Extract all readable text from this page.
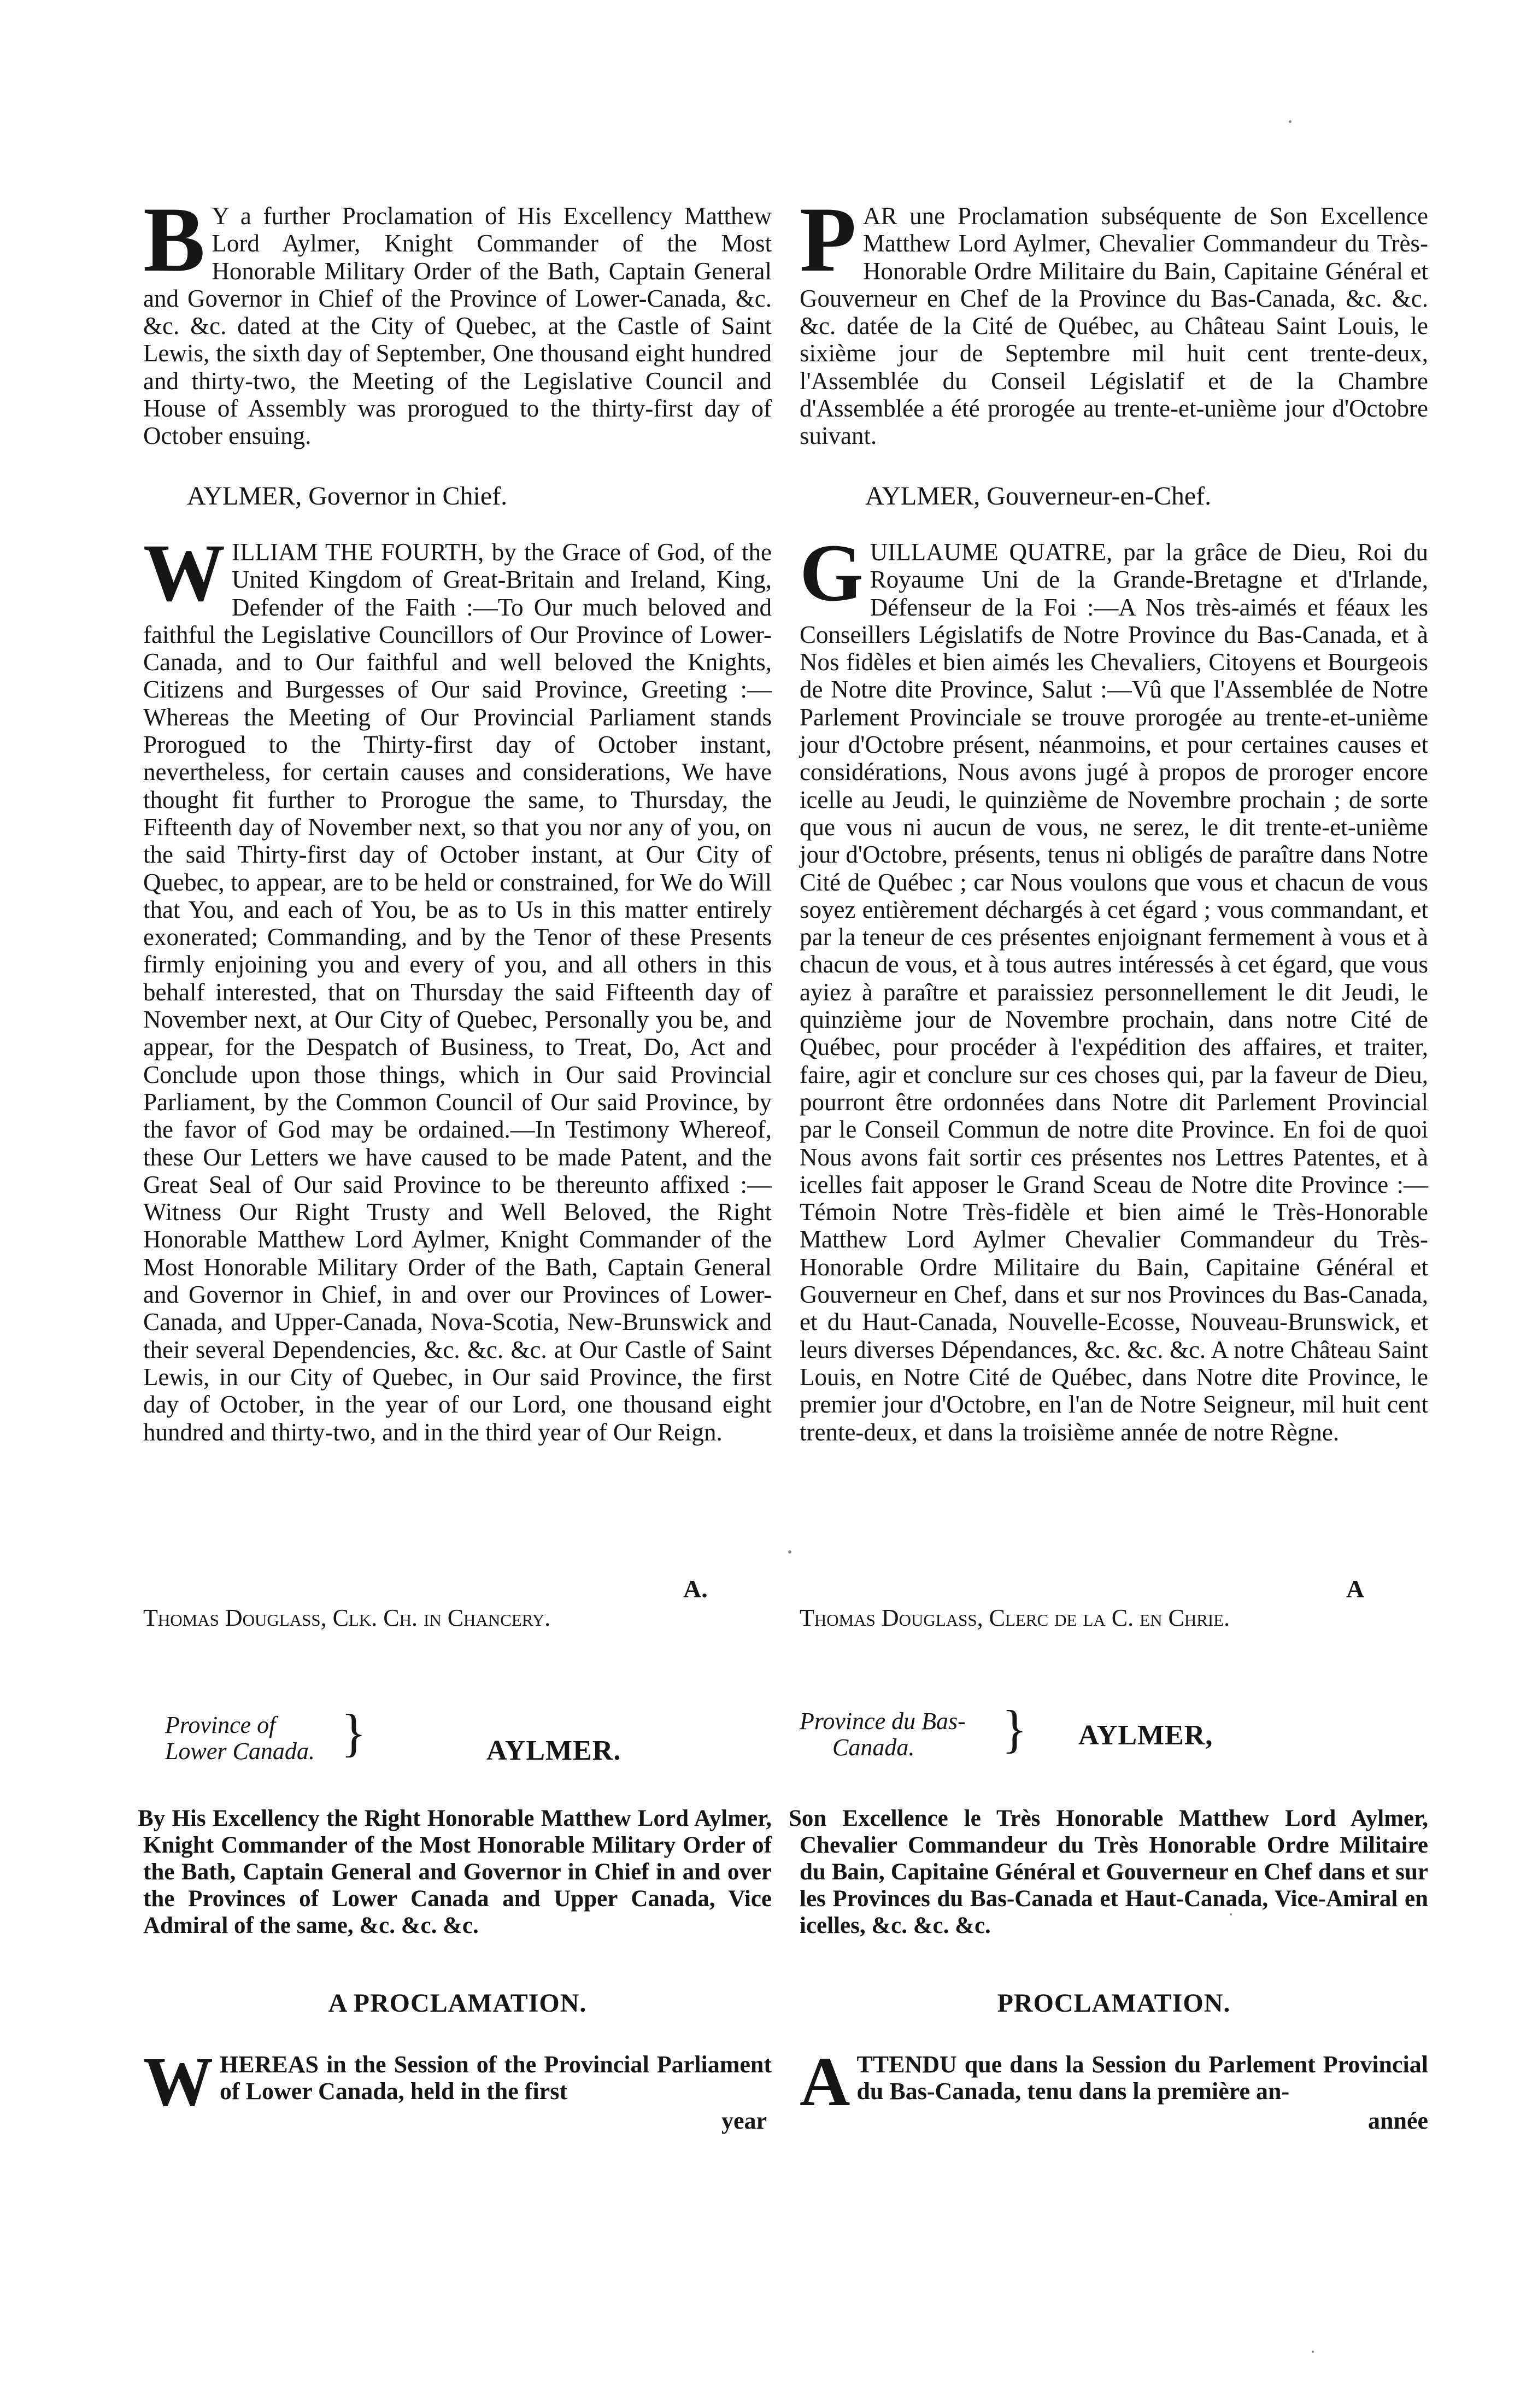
B Y a further Proclamation of His Excellency Matthew Lord Aylmer, Knight Commander of the Most Honorable Military Order of the Bath, Captain General and Governor in Chief of the Province of Lower-Canada, &c. &c. &c. dated at the City of Quebec, at the Castle of Saint Lewis, the sixth day of September, One thousand eight hundred and thirty-two, the Meeting of the Legislative Council and House of Assembly was prorogued to the thirty-first day of October ensuing.

AYLMER, Governor in Chief.
W ILLIAM THE FOURTH, by the Grace of God, of the United Kingdom of Great-Britain and Ireland, King, Defender of the Faith :—To Our much beloved and faithful the Legislative Councillors of Our Province of Lower-Canada, and to Our faithful and well beloved the Knights, Citizens and Burgesses of Our said Province, Greeting :—Whereas the Meeting of Our Provincial Parliament stands Prorogued to the Thirty-first day of October instant, nevertheless, for certain causes and considerations, We have thought fit further to Prorogue the same, to Thursday, the Fifteenth day of November next, so that you nor any of you, on the said Thirty-first day of October instant, at Our City of Quebec, to appear, are to be held or constrained, for We do Will that You, and each of You, be as to Us in this matter entirely exonerated; Commanding, and by the Tenor of these Presents firmly enjoining you and every of you, and all others in this behalf interested, that on Thursday the said Fifteenth day of November next, at Our City of Quebec, Personally you be, and appear, for the Despatch of Business, to Treat, Do, Act and Conclude upon those things, which in Our said Provincial Parliament, by the Common Council of Our said Province, by the favor of God may be ordained.—In Testimony Whereof, these Our Letters we have caused to be made Patent, and the Great Seal of Our said Province to be thereunto affixed :—Witness Our Right Trusty and Well Beloved, the Right Honorable Matthew Lord Aylmer, Knight Commander of the Most Honorable Military Order of the Bath, Captain General and Governor in Chief, in and over our Provinces of Lower-Canada, and Upper-Canada, Nova-Scotia, New-Brunswick and their several Dependencies, &c. &c. &c. at Our Castle of Saint Lewis, in our City of Quebec, in Our said Province, the first day of October, in the year of our Lord, one thousand eight hundred and thirty-two, and in the third year of Our Reign.

A.
Thomas Douglass, Clk. Ch. in Chancery.
Province of
Lower Canada. }	AYLMER.
By His Excellency the Right Honorable Matthew Lord Aylmer, Knight Commander of the Most Honorable Military Order of the Bath, Captain General and Governor in Chief in and over the Provinces of Lower Canada and Upper Canada, Vice Admiral of the same, &c. &c. &c.
A PROCLAMATION.
W HEREAS in the Session of the Provincial Parliament of Lower Canada, held in the first

year
P AR une Proclamation subséquente de Son Excellence Matthew Lord Aylmer, Chevalier Commandeur du Très-Honorable Ordre Militaire du Bain, Capitaine Général et Gouverneur en Chef de la Province du Bas-Canada, &c. &c. &c. datée de la Cité de Québec, au Château Saint Louis, le sixième jour de Septembre mil huit cent trente-deux, l'Assemblée du Conseil Législatif et de la Chambre d'Assemblée a été prorogée au trente-et-unième jour d'Octobre suivant.

AYLMER, Gouverneur-en-Chef.
G UILLAUME QUATRE, par la grâce de Dieu, Roi du Royaume Uni de la Grande-Bretagne et d'Irlande, Défenseur de la Foi :—A Nos très-aimés et féaux les Conseillers Législatifs de Notre Province du Bas-Canada, et à Nos fidèles et bien aimés les Chevaliers, Citoyens et Bourgeois de Notre dite Province, Salut :—Vû que l'Assemblée de Notre Parlement Provinciale se trouve prorogée au trente-et-unième jour d'Octobre présent, néanmoins, et pour certaines causes et considérations, Nous avons jugé à propos de proroger encore icelle au Jeudi, le quinzième de Novembre prochain ; de sorte que vous ni aucun de vous, ne serez, le dit trente-et-unième jour d'Octobre, présents, tenus ni obligés de paraître dans Notre Cité de Québec ; car Nous voulons que vous et chacun de vous soyez entièrement déchargés à cet égard ; vous commandant, et par la teneur de ces présentes enjoignant fermement à vous et à chacun de vous, et à tous autres intéressés à cet égard, que vous ayiez à paraître et paraissiez personnellement le dit Jeudi, le quinzième jour de Novembre prochain, dans notre Cité de Québec, pour procéder à l'expédition des affaires, et traiter, faire, agir et conclure sur ces choses qui, par la faveur de Dieu, pourront être ordonnées dans Notre dit Parlement Provincial par le Conseil Commun de notre dite Province. En foi de quoi Nous avons fait sortir ces présentes nos Lettres Patentes, et à icelles fait apposer le Grand Sceau de Notre dite Province :—Témoin Notre Très-fidèle et bien aimé le Très-Honorable Matthew Lord Aylmer Chevalier Commandeur du Très-Honorable Ordre Militaire du Bain, Capitaine Général et Gouverneur en Chef, dans et sur nos Provinces du Bas-Canada, et du Haut-Canada, Nouvelle-Ecosse, Nouveau-Brunswick, et leurs diverses Dépendances, &c. &c. &c. A notre Château Saint Louis, en Notre Cité de Québec, dans Notre dite Province, le premier jour d'Octobre, en l'an de Notre Seigneur, mil huit cent trente-deux, et dans la troisième année de notre Règne.

A
Thomas Douglass, Clerc de la C. en Chrie.
Province du Bas-
Canada.	} AYLMER,
Son Excellence le Très Honorable Matthew Lord Aylmer, Chevalier Commandeur du Très Honorable Ordre Militaire du Bain, Capitaine Général et Gouverneur en Chef dans et sur les Provinces du Bas-Canada et Haut-Canada, Vice-Amiral en icelles, &c. &c. &c.
PROCLAMATION.
A TTENDU que dans la Session du Parlement Provincial du Bas-Canada, tenu dans la première an-

année
